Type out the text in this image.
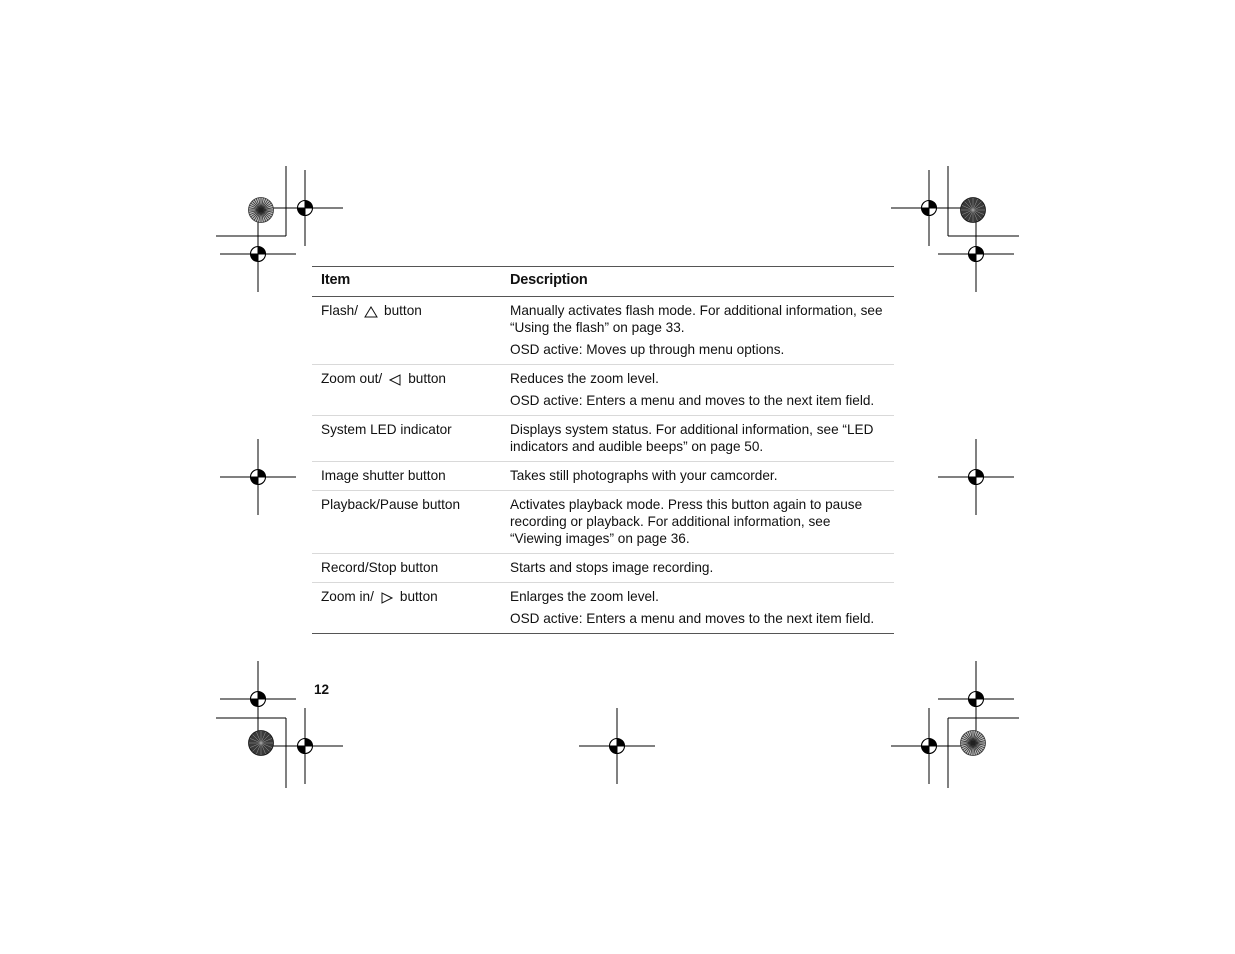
Item	Description
Flash/ button	Manually activates flash mode. For additional information, see “Using the flash” on page 33.

OSD active: Moves up through menu options.

Zoom out/ button	Reduces the zoom level.

OSD active: Enters a menu and moves to the next item field.

System LED indicator	Displays system status. For additional information, see “LED indicators and audible beeps” on page 50.

Image shutter button	Takes still photographs with your camcorder.

Playback/Pause button	Activates playback mode. Press this button again to pause recording or playback. For additional information, see “Viewing images” on page 36.

Record/Stop button	Starts and stops image recording.

Zoom in/ button	Enlarges the zoom level.

OSD active: Enters a menu and moves to the next item field.

12
